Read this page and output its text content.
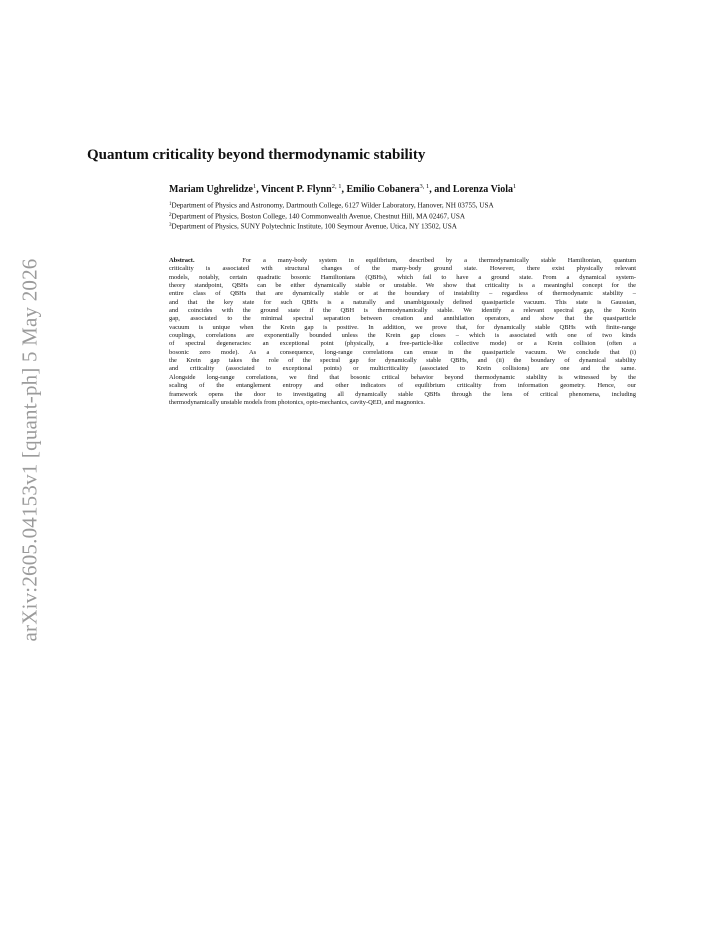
arXiv:2605.04153v1 [quant-ph] 5 May 2026
Quantum criticality beyond thermodynamic stability
Mariam Ughrelidze$^1$, Vincent P. Flynn$^{2, 1}$, Emilio Cobanera$^{3, 1}$, and Lorenza Viola$^1$
$^1$Department of Physics and Astronomy, Dartmouth College, 6127 Wilder Laboratory, Hanover, NH 03755, USA
$^2$Department of Physics, Boston College, 140 Commonwealth Avenue, Chestnut Hill, MA 02467, USA
$^3$Department of Physics, SUNY Polytechnic Institute, 100 Seymour Avenue, Utica, NY 13502, USA
Abstract.	For a many-body system in equilibrium, described by a thermodynamically stable Hamiltonian, quantum
criticality is associated with structural changes of the many-body ground state. However, there exist physically relevant
models, notably, certain quadratic bosonic Hamiltonians (QBHs), which fail to have a ground state. From a dynamical system-
theory standpoint, QBHs can be either dynamically stable or unstable. We show that criticality is a meaningful concept for the
entire class of QBHs that are dynamically stable or at the boundary of instability – regardless of thermodynamic stability –
and that the key state for such QBHs is a naturally and unambiguously defined quasiparticle vacuum. This state is Gaussian,
and coincides with the ground state if the QBH is thermodynamically stable. We identify a relevant spectral gap, the Krein
gap, associated to the minimal spectral separation between creation and annihilation operators, and show that the quasiparticle
vacuum is unique when the Krein gap is positive. In addition, we prove that, for dynamically stable QBHs with finite-range
couplings, correlations are exponentially bounded unless the Krein gap closes – which is associated with one of two kinds
of spectral degeneracies: an exceptional point (physically, a free-particle-like collective mode) or a Krein collision (often a
bosonic zero mode). As a consequence, long-range correlations can ensue in the quasiparticle vacuum. We conclude that (i)
the Krein gap takes the role of the spectral gap for dynamically stable QBHs, and (ii) the boundary of dynamical stability
and criticality (associated to exceptional points) or multicriticality (associated to Krein collisions) are one and the same.
Alongside long-range correlations, we find that bosonic critical behavior beyond thermodynamic stability is witnessed by the
scaling of the entanglement entropy and other indicators of equilibrium criticality from information geometry. Hence, our
framework opens the door to investigating all dynamically stable QBHs through the lens of critical phenomena, including
thermodynamically unstable models from photonics, opto-mechanics, cavity-QED, and magnonics.
